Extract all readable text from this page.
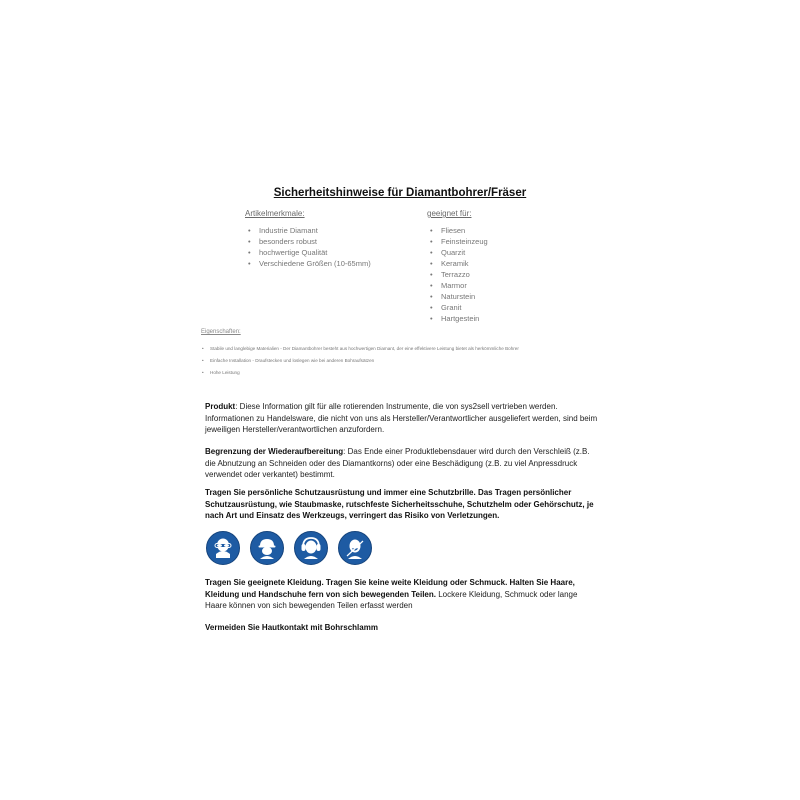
Sicherheitshinweise für Diamantbohrer/Fräser
Artikelmerkmale:
• Industrie Diamant
• besonders robust
• hochwertige Qualität
• Verschiedene Größen (10-65mm)
geeignet für:
• Fliesen
• Feinsteinzeug
• Quarzit
• Keramik
• Terrazzo
• Marmor
• Naturstein
• Granit
• Hartgestein
Eigenschaften:
• Stabile und langlebige Materialien - Der Diamantbohrer besteht aus hochwertigen Diamant, der eine effektivere Leistung bietet als herkömmliche Bohrer
• Einfache Installation - Draufstecken und loslegen wie bei anderen Bohraufsätzen
• Hohe Leistung
Produkt: Diese Information gilt für alle rotierenden Instrumente, die von sys2sell vertrieben werden. Informationen zu Handelsware, die nicht von uns als Hersteller/Verantwortlicher ausgeliefert werden, sind beim jeweiligen Hersteller/verantwortlichen anzufordern.
Begrenzung der Wiederaufbereitung: Das Ende einer Produktlebensdauer wird durch den Verschleiß (z.B. die Abnutzung an Schneiden oder des Diamantkorns) oder eine Beschädigung (z.B. zu viel Anpressdruck verwendet oder verkantet) bestimmt.
Tragen Sie persönliche Schutzausrüstung und immer eine Schutzbrille. Das Tragen persönlicher Schutzausrüstung, wie Staubmaske, rutschfeste Sicherheitsschuhe, Schutzhelm oder Gehörschutz, je nach Art und Einsatz des Werkzeugs, verringert das Risiko von Verletzungen.
Tragen Sie geeignete Kleidung. Tragen Sie keine weite Kleidung oder Schmuck. Halten Sie Haare, Kleidung und Handschuhe fern von sich bewegenden Teilen. Lockere Kleidung, Schmuck oder lange Haare können von sich bewegenden Teilen erfasst werden
Vermeiden Sie Hautkontakt mit Bohrschlamm
